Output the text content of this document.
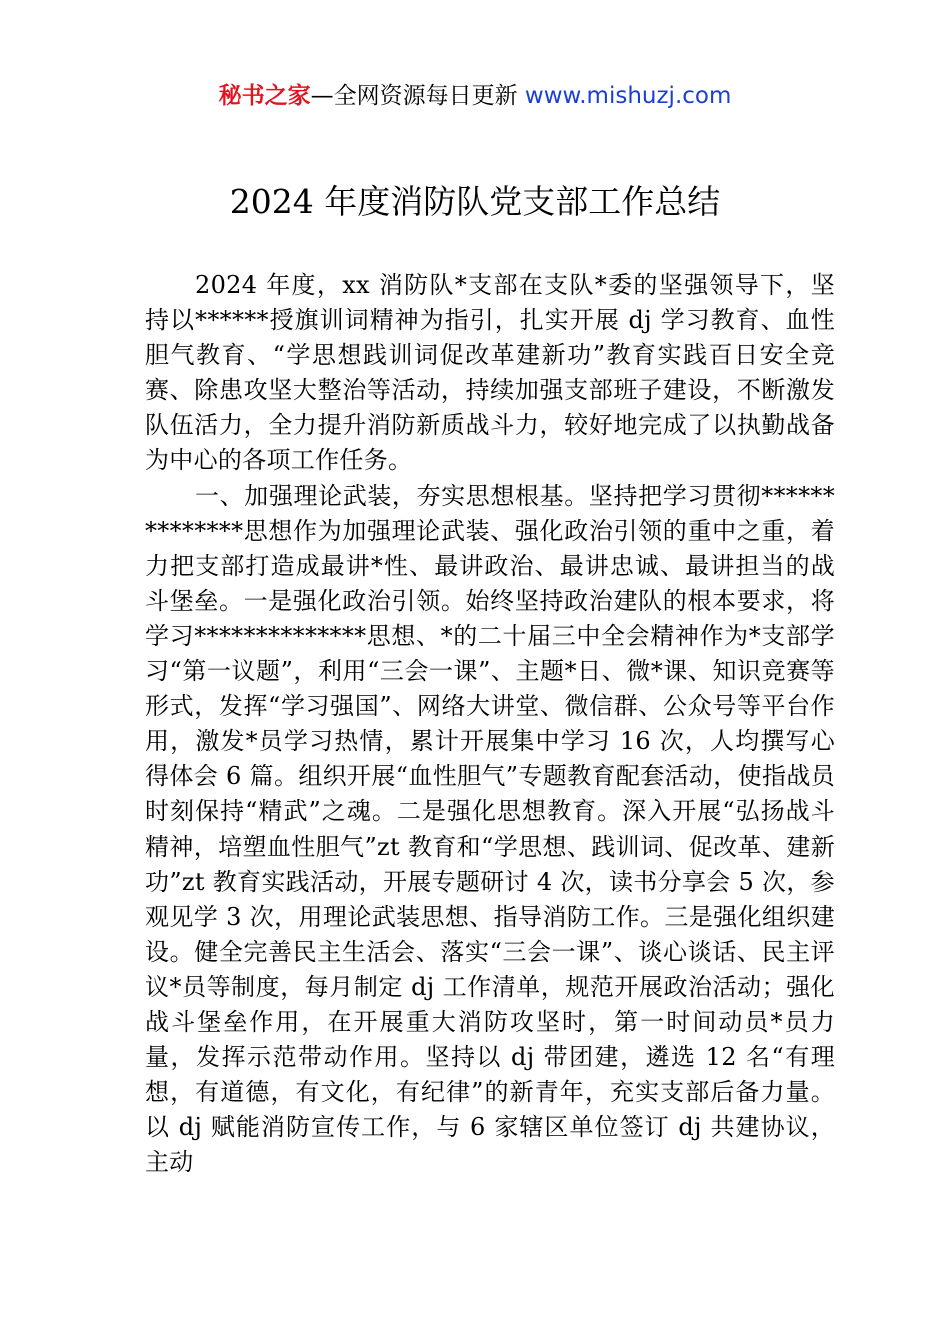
秘书之家—全网资源每日更新 www.mishuzj.com
2024 年度消防队党支部工作总结

2024 年度，xx 消防队*支部在支队*委的坚强领导下，坚持以******授旗训词精神为指引，扎实开展 dj 学习教育、血性胆气教育、“学思想践训词促改革建新功”教育实践百日安全竞赛、除患攻坚大整治等活动，持续加强支部班子建设，不断激发队伍活力，全力提升消防新质战斗力，较好地完成了以执勤战备为中心的各项工作任务。

一、加强理论武装，夯实思想根基。坚持把学习贯彻**************思想作为加强理论武装、强化政治引领的重中之重，着力把支部打造成最讲*性、最讲政治、最讲忠诚、最讲担当的战斗堡垒。一是强化政治引领。始终坚持政治建队的根本要求，将学习**************思想、*的二十届三中全会精神作为*支部学习“第一议题”，利用“三会一课”、主题*日、微*课、知识竞赛等形式，发挥“学习强国”、网络大讲堂、微信群、公众号等平台作用，激发*员学习热情，累计开展集中学习 16 次，人均撰写心得体会 6 篇。组织开展“血性胆气”专题教育配套活动，使指战员时刻保持“精武”之魂。二是强化思想教育。深入开展“弘扬战斗精神，培塑血性胆气”zt 教育和“学思想、践训词、促改革、建新功”zt 教育实践活动，开展专题研讨 4 次，读书分享会 5 次，参观见学 3 次，用理论武装思想、指导消防工作。三是强化组织建设。健全完善民主生活会、落实“三会一课”、谈心谈话、民主评议*员等制度，每月制定 dj 工作清单，规范开展政治活动；强化战斗堡垒作用，在开展重大消防攻坚时，第一时间动员*员力量，发挥示范带动作用。坚持以 dj 带团建，遴选 12 名“有理想，有道德，有文化，有纪律”的新青年，充实支部后备力量。以 dj 赋能消防宣传工作，与 6 家辖区单位签订 dj 共建协议，主动
